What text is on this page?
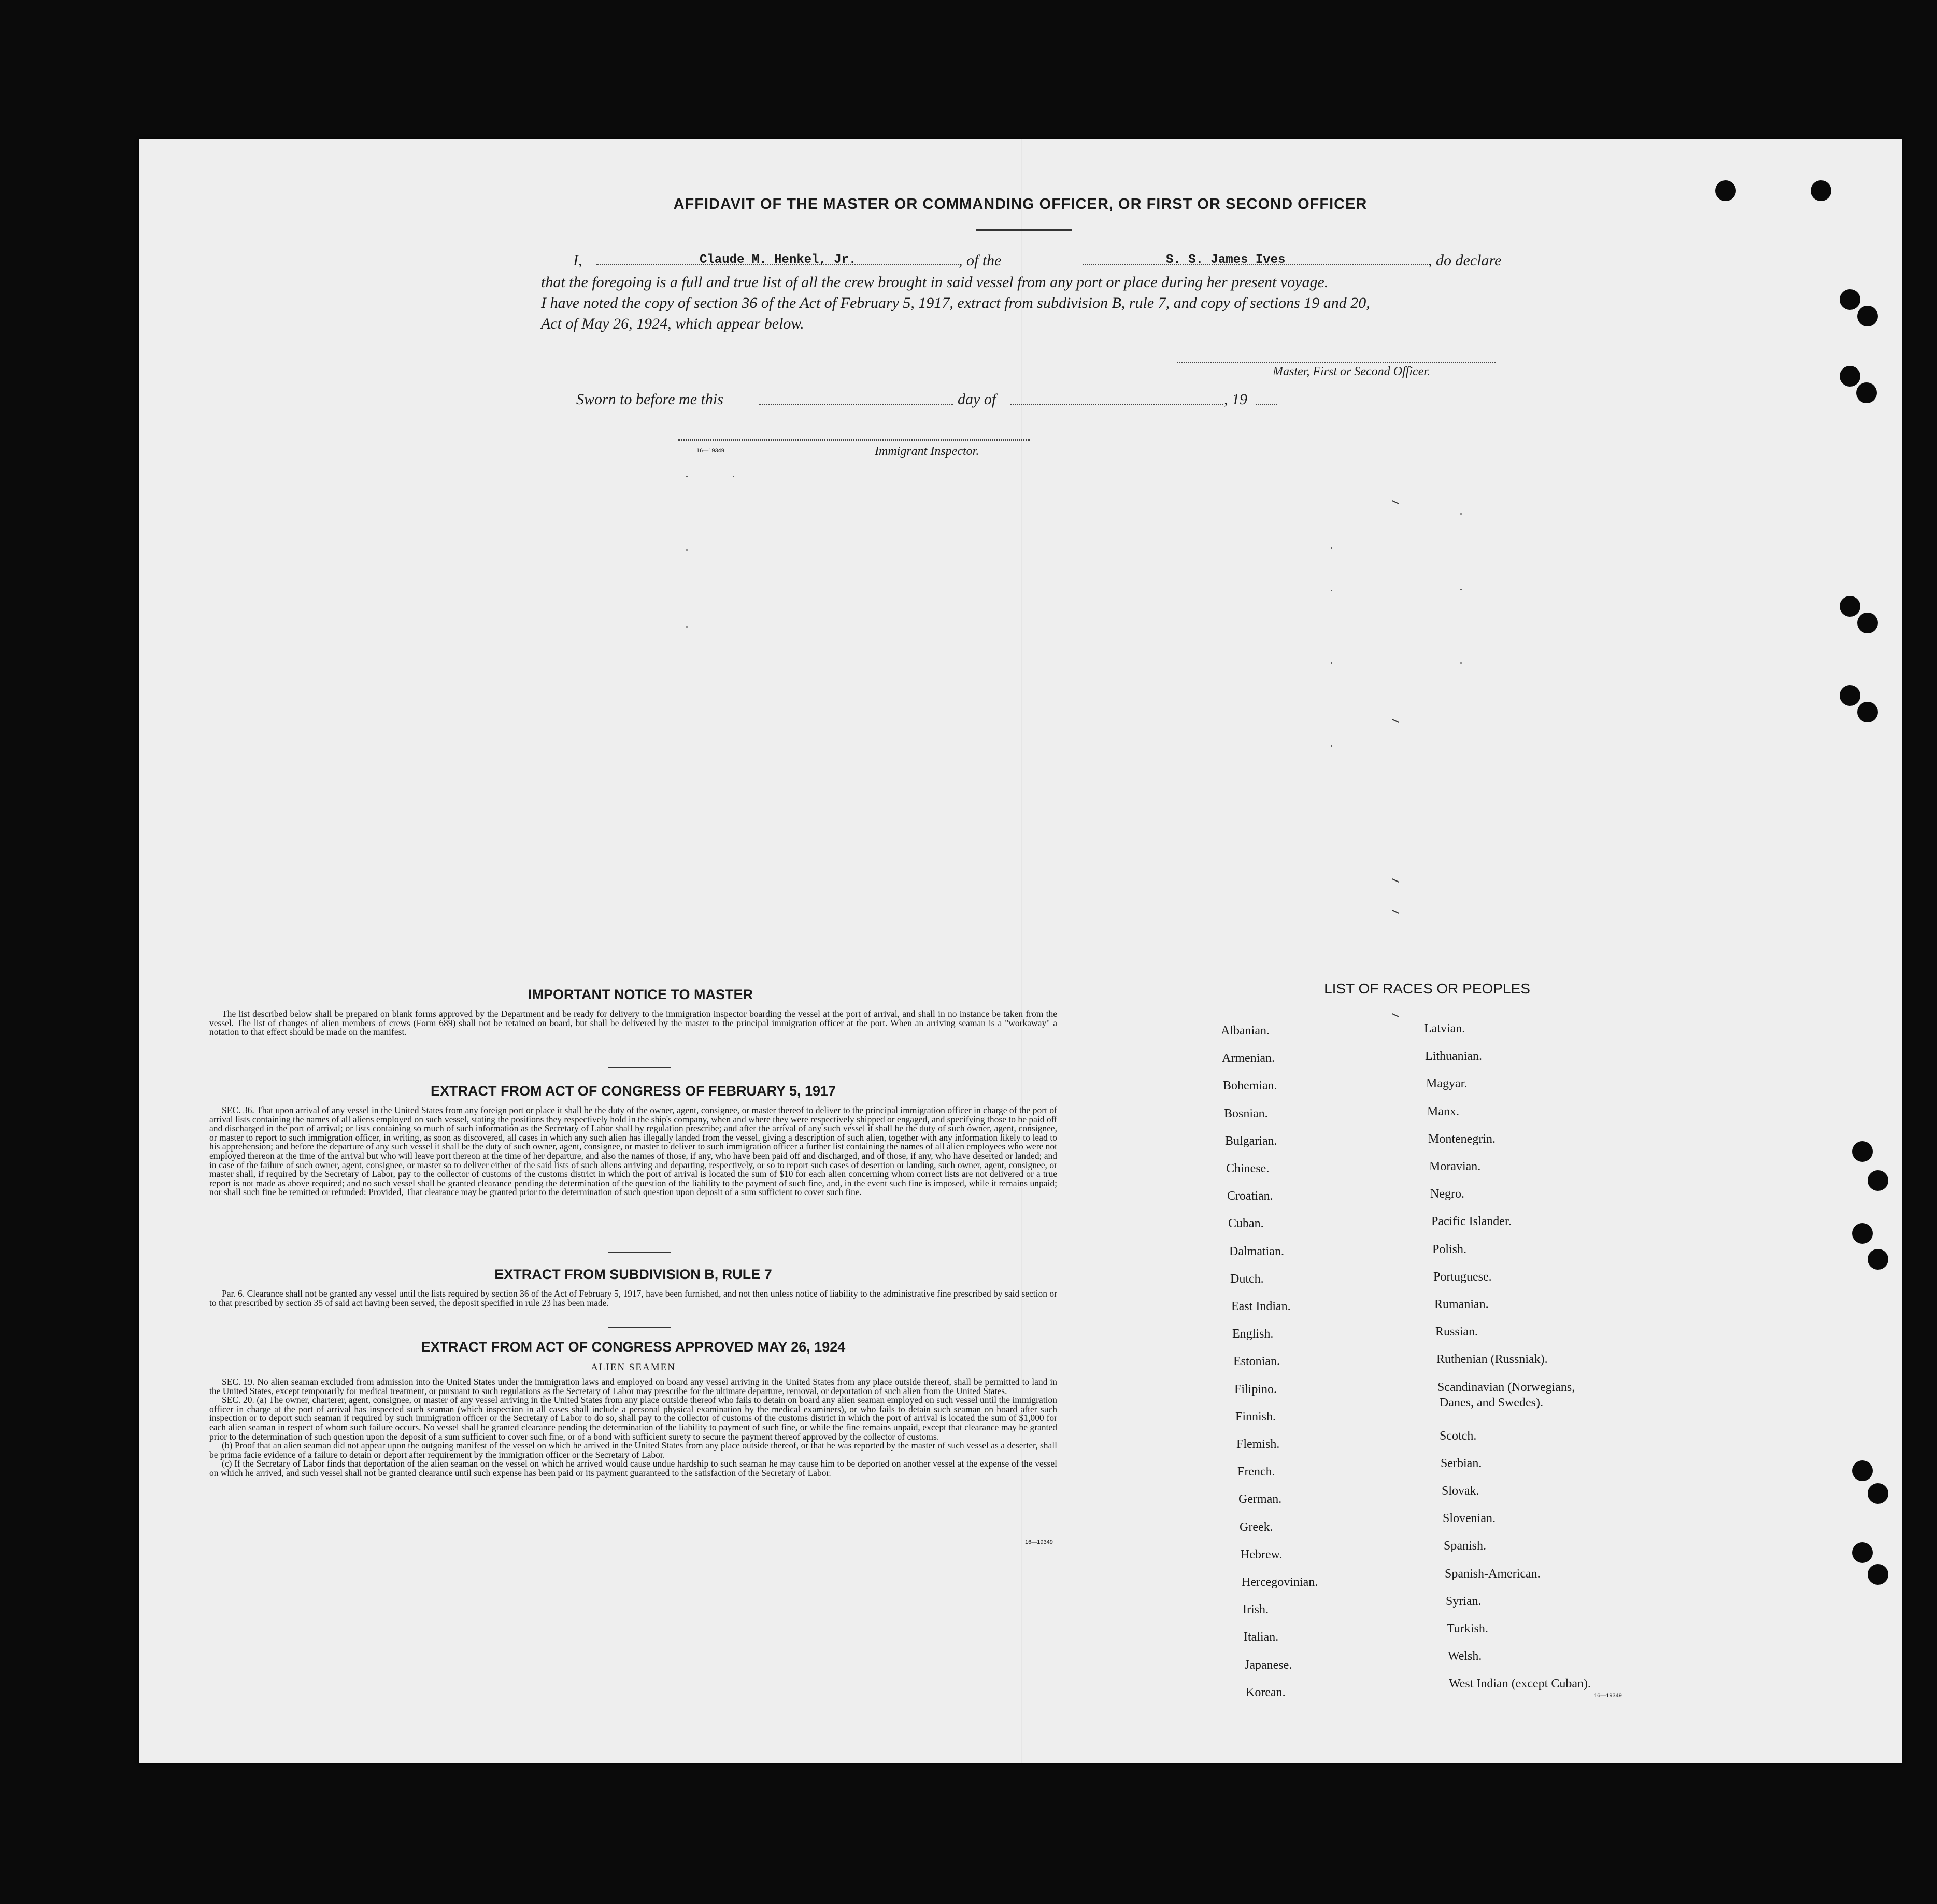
AFFIDAVIT OF THE MASTER OR COMMANDING OFFICER, OR FIRST OR SECOND OFFICER
I,	Claude M. Henkel, Jr.	, of the	S. S. James Ives	, do declare
that the foregoing is a full and true list of all the crew brought in said vessel from any port or place during her present voyage.
I have noted the copy of section 36 of the Act of February 5, 1917, extract from subdivision B, rule 7, and copy of sections 19 and 20,
Act of May 26, 1924, which appear below.
Master, First or Second Officer.
Sworn to before me this	day of	, 19
16—19349	Immigrant Inspector.
IMPORTANT NOTICE TO MASTER

The list described below shall be prepared on blank forms approved by the Department and be ready for delivery to the immigration inspector boarding the vessel at the port of arrival, and shall in no instance be taken from the vessel. The list of changes of alien members of crews (Form 689) shall not be retained on board, but shall be delivered by the master to the principal immigration officer at the port. When an arriving seaman is a "workaway" a notation to that effect should be made on the manifest.

EXTRACT FROM ACT OF CONGRESS OF FEBRUARY 5, 1917

SEC. 36. That upon arrival of any vessel in the United States from any foreign port or place it shall be the duty of the owner, agent, consignee, or master thereof to deliver to the principal immigration officer in charge of the port of arrival lists containing the names of all aliens employed on such vessel, stating the positions they respectively hold in the ship's company, when and where they were respectively shipped or engaged, and specifying those to be paid off and discharged in the port of arrival; or lists containing so much of such information as the Secretary of Labor shall by regulation prescribe; and after the arrival of any such vessel it shall be the duty of such owner, agent, consignee, or master to report to such immigration officer, in writing, as soon as discovered, all cases in which any such alien has illegally landed from the vessel, giving a description of such alien, together with any information likely to lead to his apprehension; and before the departure of any such vessel it shall be the duty of such owner, agent, consignee, or master to deliver to such immigration officer a further list containing the names of all alien employees who were not employed thereon at the time of the arrival but who will leave port thereon at the time of her departure, and also the names of those, if any, who have been paid off and discharged, and of those, if any, who have deserted or landed; and in case of the failure of such owner, agent, consignee, or master so to deliver either of the said lists of such aliens arriving and departing, respectively, or so to report such cases of desertion or landing, such owner, agent, consignee, or master shall, if required by the Secretary of Labor, pay to the collector of customs of the customs district in which the port of arrival is located the sum of $10 for each alien concerning whom correct lists are not delivered or a true report is not made as above required; and no such vessel shall be granted clearance pending the determination of the question of the liability to the payment of such fine, and, in the event such fine is imposed, while it remains unpaid; nor shall such fine be remitted or refunded: Provided, That clearance may be granted prior to the determination of such question upon deposit of a sum sufficient to cover such fine.

EXTRACT FROM SUBDIVISION B, RULE 7

Par. 6. Clearance shall not be granted any vessel until the lists required by section 36 of the Act of February 5, 1917, have been furnished, and not then unless notice of liability to the administrative fine prescribed by said section or to that prescribed by section 35 of said act having been served, the deposit specified in rule 23 has been made.

EXTRACT FROM ACT OF CONGRESS APPROVED MAY 26, 1924
ALIEN SEAMEN

SEC. 19. No alien seaman excluded from admission into the United States under the immigration laws and employed on board any vessel arriving in the United States from any place outside thereof, shall be permitted to land in the United States, except temporarily for medical treatment, or pursuant to such regulations as the Secretary of Labor may prescribe for the ultimate departure, removal, or deportation of such alien from the United States.

SEC. 20. (a) The owner, charterer, agent, consignee, or master of any vessel arriving in the United States from any place outside thereof who fails to detain on board any alien seaman employed on such vessel until the immigration officer in charge at the port of arrival has inspected such seaman (which inspection in all cases shall include a personal physical examination by the medical examiners), or who fails to detain such seaman on board after such inspection or to deport such seaman if required by such immigration officer or the Secretary of Labor to do so, shall pay to the collector of customs of the customs district in which the port of arrival is located the sum of $1,000 for each alien seaman in respect of whom such failure occurs. No vessel shall be granted clearance pending the determination of the liability to payment of such fine, or while the fine remains unpaid, except that clearance may be granted prior to the determination of such question upon the deposit of a sum sufficient to cover such fine, or of a bond with sufficient surety to secure the payment thereof approved by the collector of customs.

(b) Proof that an alien seaman did not appear upon the outgoing manifest of the vessel on which he arrived in the United States from any place outside thereof, or that he was reported by the master of such vessel as a deserter, shall be prima facie evidence of a failure to detain or deport after requirement by the immigration officer or the Secretary of Labor.

(c) If the Secretary of Labor finds that deportation of the alien seaman on the vessel on which he arrived would cause undue hardship to such seaman he may cause him to be deported on another vessel at the expense of the vessel on which he arrived, and such vessel shall not be granted clearance until such expense has been paid or its payment guaranteed to the satisfaction of the Secretary of Labor.

16—19349
LIST OF RACES OR PEOPLES
16—19349
Albanian.
Armenian.
Bohemian.
Bosnian.
Bulgarian.
Chinese.
Croatian.
Cuban.
Dalmatian.
Dutch.
East Indian.
English.
Estonian.
Filipino.
Finnish.
Flemish.
French.
German.
Greek.
Hebrew.
Hercegovinian.
Irish.
Italian.
Japanese.
Korean.
Latvian.
Lithuanian.
Magyar.
Manx.
Montenegrin.
Moravian.
Negro.
Pacific Islander.
Polish.
Portuguese.
Rumanian.
Russian.
Ruthenian (Russniak).
Scandinavian (Norwegians,
Danes, and Swedes).
Scotch.
Serbian.
Slovak.
Slovenian.
Spanish.
Spanish-American.
Syrian.
Turkish.
Welsh.
West Indian (except Cuban).
